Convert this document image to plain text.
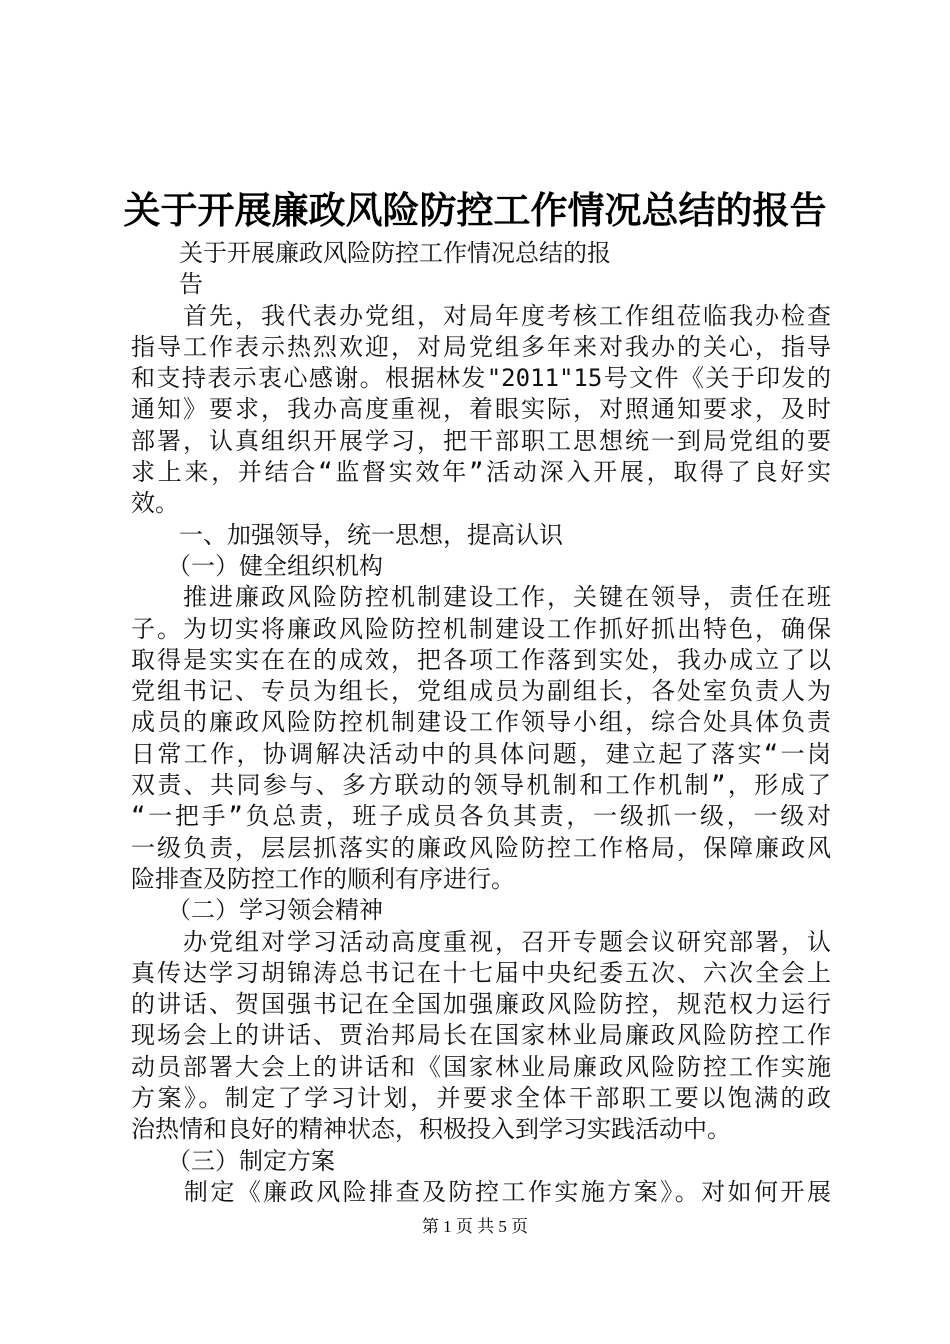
关于开展廉政风险防控工作情况总结的报告
　　关于开展廉政风险防控工作情况总结的报
　　告
　　首先，我代表办党组，对局年度考核工作组莅临我办检查
指导工作表示热烈欢迎，对局党组多年来对我办的关心，指导
和支持表示衷心感谢。根据林发"2011"15号文件《关于印发的
通知》要求，我办高度重视，着眼实际，对照通知要求，及时
部署，认真组织开展学习，把干部职工思想统一到局党组的要
求上来，并结合“监督实效年”活动深入开展，取得了良好实
效。
　　一、加强领导，统一思想，提高认识
　　（一）健全组织机构
　　推进廉政风险防控机制建设工作，关键在领导，责任在班
子。为切实将廉政风险防控机制建设工作抓好抓出特色，确保
取得是实实在在的成效，把各项工作落到实处，我办成立了以
党组书记、专员为组长，党组成员为副组长，各处室负责人为
成员的廉政风险防控机制建设工作领导小组，综合处具体负责
日常工作，协调解决活动中的具体问题，建立起了落实“一岗
双责、共同参与、多方联动的领导机制和工作机制”，形成了
“一把手”负总责，班子成员各负其责，一级抓一级，一级对
一级负责，层层抓落实的廉政风险防控工作格局，保障廉政风
险排查及防控工作的顺利有序进行。
　　（二）学习领会精神
　　办党组对学习活动高度重视，召开专题会议研究部署，认
真传达学习胡锦涛总书记在十七届中央纪委五次、六次全会上
的讲话、贺国强书记在全国加强廉政风险防控，规范权力运行
现场会上的讲话、贾治邦局长在国家林业局廉政风险防控工作
动员部署大会上的讲话和《国家林业局廉政风险防控工作实施
方案》。制定了学习计划，并要求全体干部职工要以饱满的政
治热情和良好的精神状态，积极投入到学习实践活动中。
　　（三）制定方案
　　制定《廉政风险排查及防控工作实施方案》。对如何开展
第 1 页 共 5 页
